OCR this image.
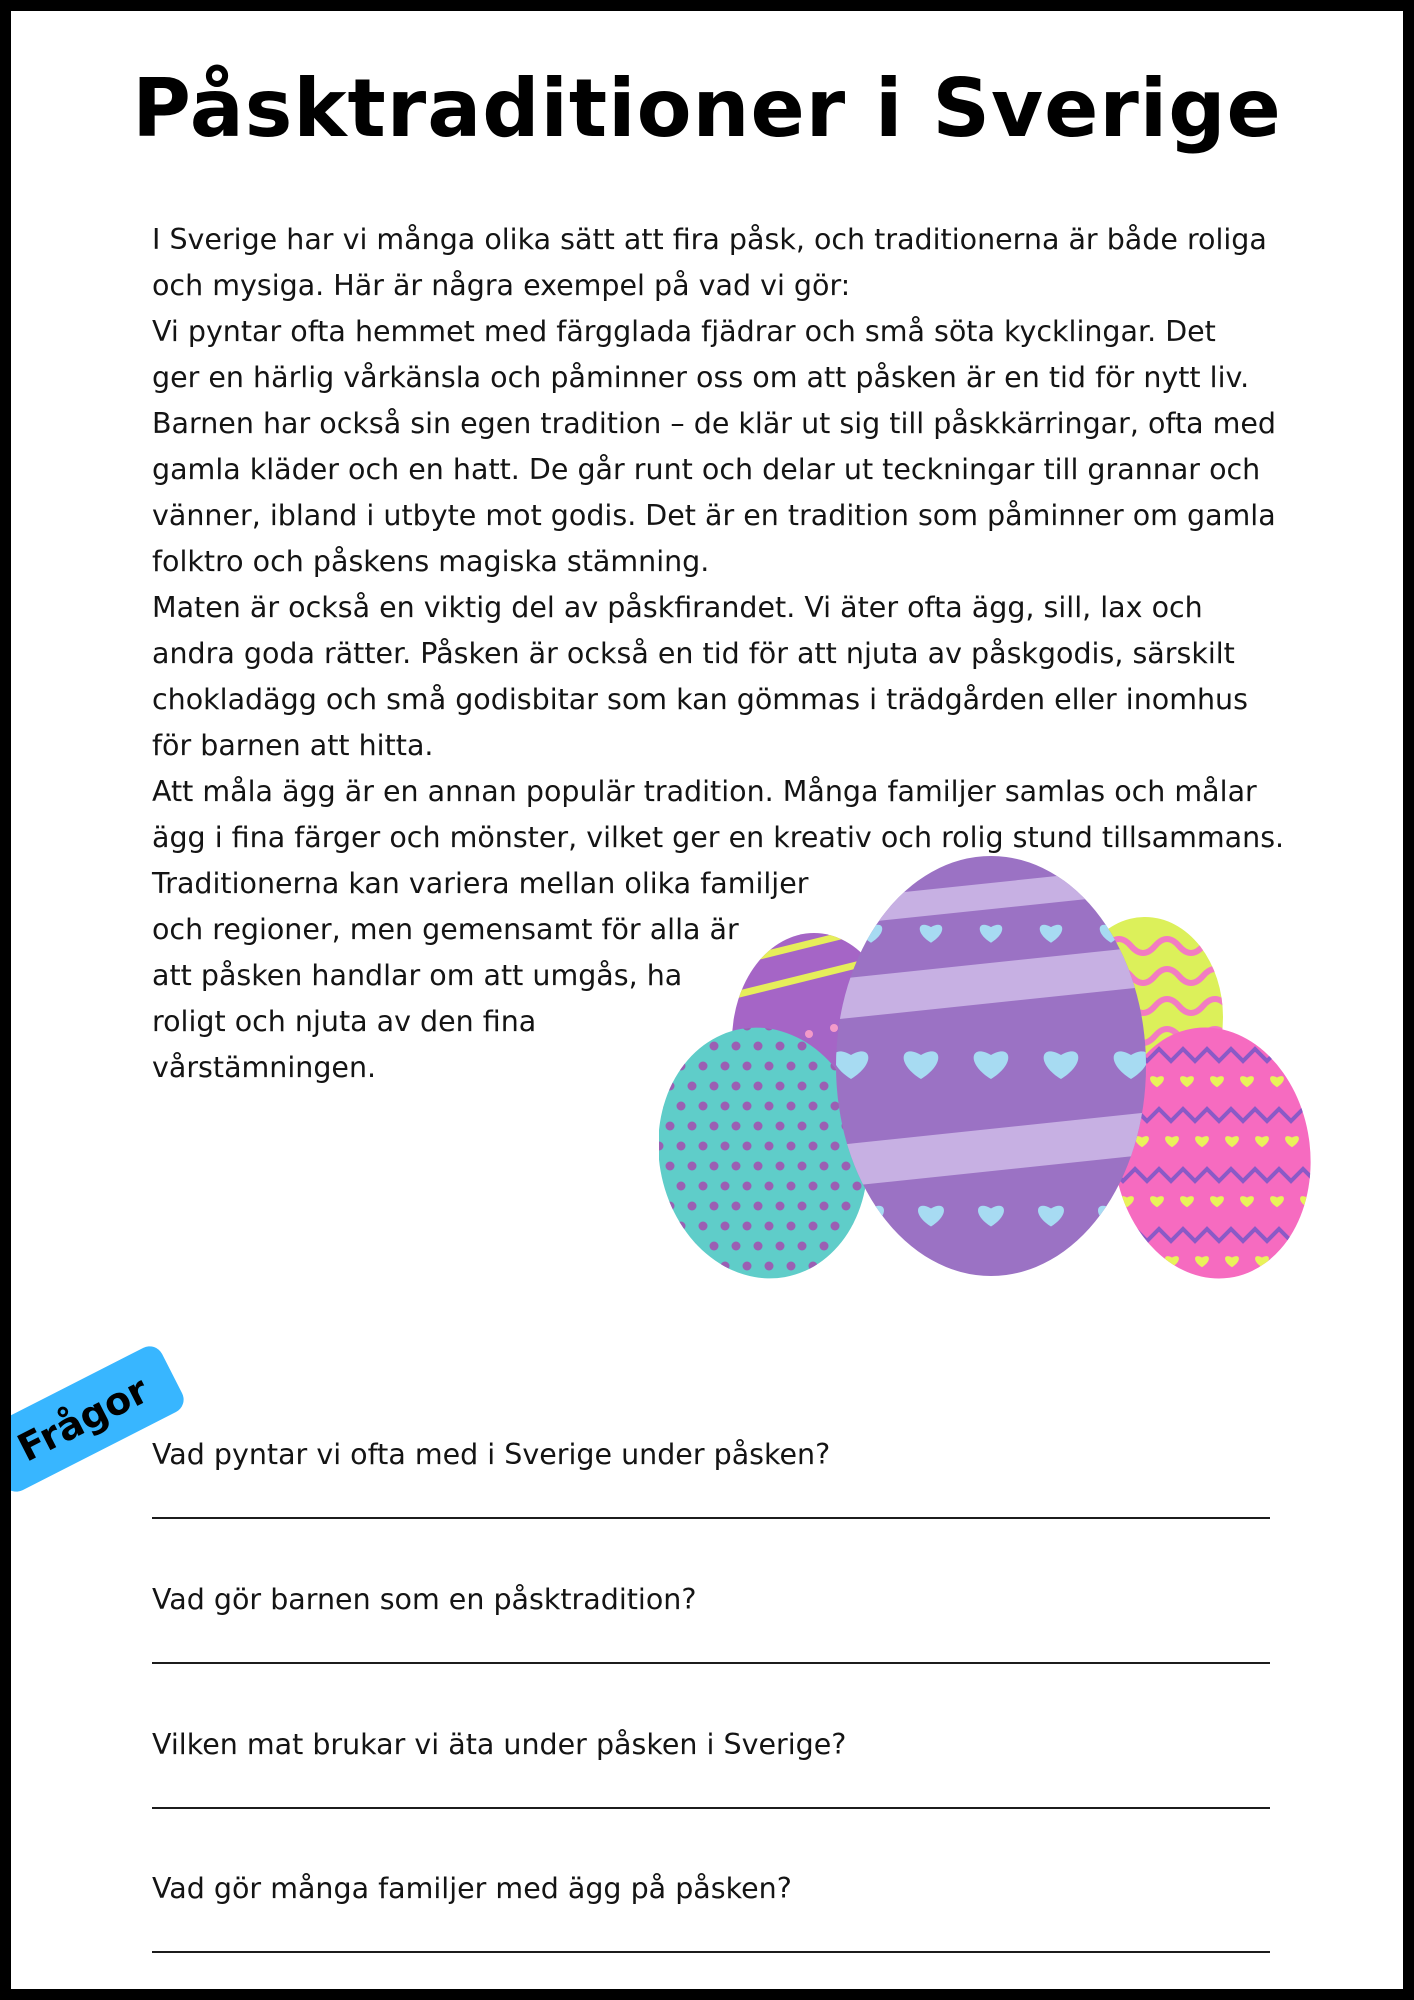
Påsktraditioner i Sverige
I Sverige har vi många olika sätt att fira påsk, och traditionerna är både roliga
och mysiga. Här är några exempel på vad vi gör:
Vi pyntar ofta hemmet med färgglada fjädrar och små söta kycklingar. Det
ger en härlig vårkänsla och påminner oss om att påsken är en tid för nytt liv.
Barnen har också sin egen tradition – de klär ut sig till påskkärringar, ofta med
gamla kläder och en hatt. De går runt och delar ut teckningar till grannar och
vänner, ibland i utbyte mot godis. Det är en tradition som påminner om gamla
folktro och påskens magiska stämning.
Maten är också en viktig del av påskfirandet. Vi äter ofta ägg, sill, lax och
andra goda rätter. Påsken är också en tid för att njuta av påskgodis, särskilt
chokladägg och små godisbitar som kan gömmas i trädgården eller inomhus
för barnen att hitta.
Att måla ägg är en annan populär tradition. Många familjer samlas och målar
ägg i fina färger och mönster, vilket ger en kreativ och rolig stund tillsammans.
Traditionerna kan variera mellan olika familjer
och regioner, men gemensamt för alla är
att påsken handlar om att umgås, ha
roligt och njuta av den fina
vårstämningen.
Frågor
Vad pyntar vi ofta med i Sverige under påsken?
Vad gör barnen som en påsktradition?
Vilken mat brukar vi äta under påsken i Sverige?
Vad gör många familjer med ägg på påsken?
